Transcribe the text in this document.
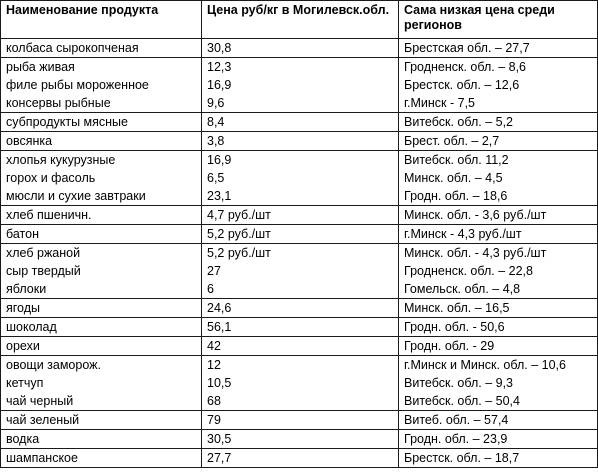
Наименование продукта	Цена руб/кг в Могилевск.обл.	Сама низкая цена среди регионов
колбаса сырокопченая	30,8	Брестская обл. – 27,7
рыба живая	12,3	Гродненск. обл. – 8,6
филе рыбы мороженное	16,9	Брестск. обл. – 12,6
консервы рыбные	9,6	г.Минск - 7,5
субпродукты мясные	8,4	Витебск. обл. – 5,2
овсянка	3,8	Брест. обл. – 2,7
хлопья кукурузные	16,9	Витебск. обл. 11,2
горох и фасоль	6,5	Минск. обл. – 4,5
мюсли и сухие завтраки	23,1	Гродн. обл. – 18,6
хлеб пшеничн.	4,7 руб./шт	Минск. обл. - 3,6 руб./шт
батон	5,2 руб./шт	г.Минск - 4,3 руб./шт
хлеб ржаной	5,2 руб./шт	Минск. обл. - 4,3 руб./шт
сыр твердый	27	Гродненск. обл. – 22,8
яблоки	6	Гомельск. обл. – 4,8
ягоды	24,6	Минск. обл. – 16,5
шоколад	56,1	Гродн. обл. - 50,6
орехи	42	Гродн. обл. - 29
овощи заморож.	12	г.Минск и Минск. обл. – 10,6
кетчуп	10,5	Витебск. обл. – 9,3
чай черный	68	Витебск. обл. – 50,4
чай зеленый	79	Витеб. обл. – 57,4
водка	30,5	Гродн. обл. – 23,9
шампанское	27,7	Брестск. обл. – 18,7
